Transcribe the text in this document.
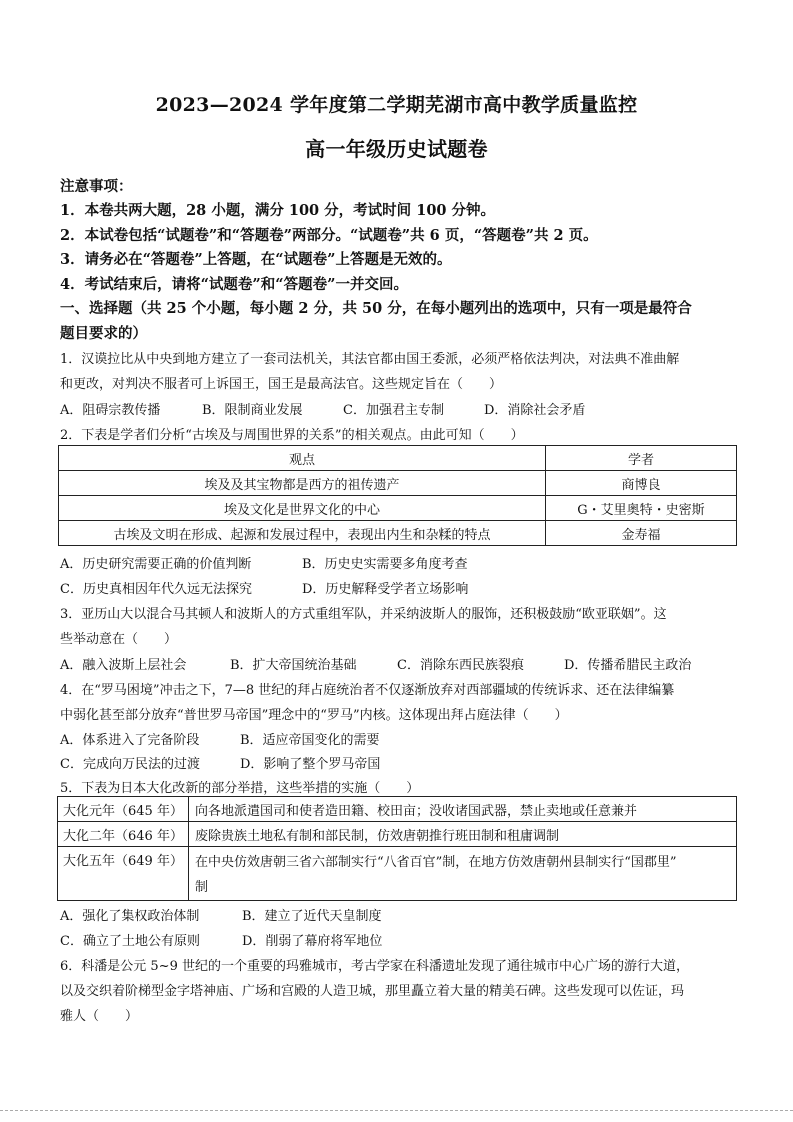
2023—2024 学年度第二学期芜湖市高中教学质量监控
高一年级历史试题卷
注意事项：
1．本卷共两大题，28 小题，满分 100 分，考试时间 100 分钟。
2．本试卷包括“试题卷”和“答题卷”两部分。“试题卷”共 6 页，“答题卷”共 2 页。
3．请务必在“答题卷”上答题，在“试题卷”上答题是无效的。
4．考试结束后，请将“试题卷”和“答题卷”一并交回。
一、选择题（共 25 个小题，每小题 2 分，共 50 分，在每小题列出的选项中，只有一项是最符合
题目要求的）
1．汉谟拉比从中央到地方建立了一套司法机关，其法官都由国王委派，必须严格依法判决，对法典不准曲解
和更改，对判决不服者可上诉国王，国王是最高法官。这些规定旨在（　　）
A．阻碍宗教传播	B．限制商业发展	C．加强君主专制	D．消除社会矛盾
2．下表是学者们分析“古埃及与周围世界的关系”的相关观点。由此可知（　　）
观点	学者
埃及及其宝物都是西方的祖传遗产	商博良
埃及文化是世界文化的中心	G・艾里奥特・史密斯
古埃及文明在形成、起源和发展过程中，表现出内生和杂糅的特点	金寿福
A．历史研究需要正确的价值判断	B．历史史实需要多角度考查
C．历史真相因年代久远无法探究	D．历史解释受学者立场影响
3．亚历山大以混合马其顿人和波斯人的方式重组军队，并采纳波斯人的服饰，还积极鼓励“欧亚联姻”。这
些举动意在（　　）
A．融入波斯上层社会	B．扩大帝国统治基础	C．消除东西民族裂痕	D．传播希腊民主政治
4．在“罗马困境”冲击之下，7—8 世纪的拜占庭统治者不仅逐渐放弃对西部疆域的传统诉求、还在法律编纂
中弱化甚至部分放弃“普世罗马帝国”理念中的“罗马”内核。这体现出拜占庭法律（　　）
A．体系进入了完备阶段	B．适应帝国变化的需要
C．完成向万民法的过渡	D．影响了整个罗马帝国
5．下表为日本大化改新的部分举措，这些举措的实施（　　）
大化元年（645 年）	向各地派遣国司和使者造田籍、校田亩；没收诸国武器，禁止卖地或任意兼并
大化二年（646 年）	废除贵族土地私有制和部民制，仿效唐朝推行班田制和租庸调制
大化五年（649 年）	在中央仿效唐朝三省六部制实行“八省百官”制，在地方仿效唐朝州县制实行“国郡里”
制
A．强化了集权政治体制	B．建立了近代天皇制度
C．确立了土地公有原则	D．削弱了幕府将军地位
6．科潘是公元 5~9 世纪的一个重要的玛雅城市，考古学家在科潘遗址发现了通往城市中心广场的游行大道，
以及交织着阶梯型金字塔神庙、广场和宫殿的人造卫城，那里矗立着大量的精美石碑。这些发现可以佐证，玛
雅人（　　）
